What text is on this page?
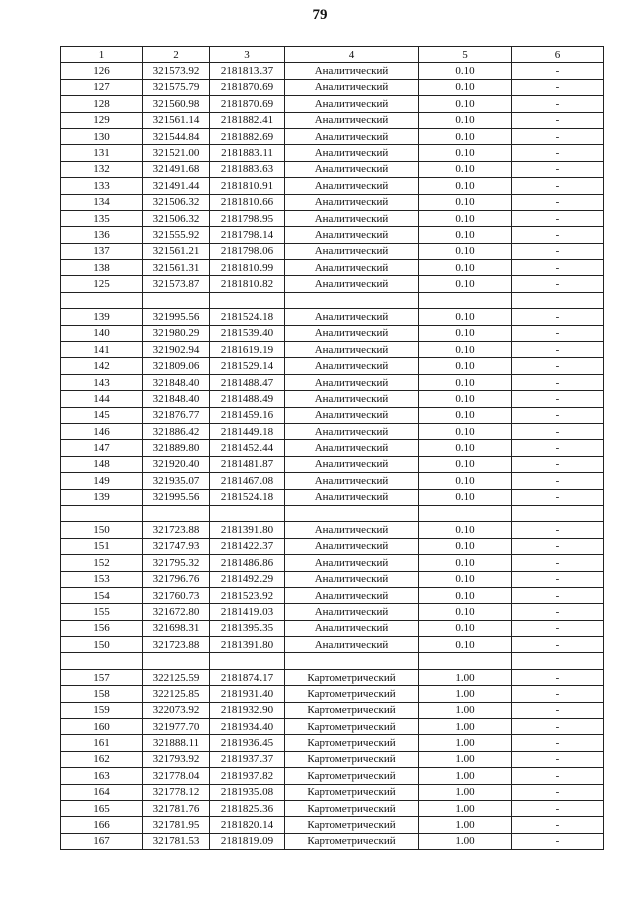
79
1	2	3	4	5	6
126	321573.92	2181813.37	Аналитический	0.10	-
127	321575.79	2181870.69	Аналитический	0.10	-
128	321560.98	2181870.69	Аналитический	0.10	-
129	321561.14	2181882.41	Аналитический	0.10	-
130	321544.84	2181882.69	Аналитический	0.10	-
131	321521.00	2181883.11	Аналитический	0.10	-
132	321491.68	2181883.63	Аналитический	0.10	-
133	321491.44	2181810.91	Аналитический	0.10	-
134	321506.32	2181810.66	Аналитический	0.10	-
135	321506.32	2181798.95	Аналитический	0.10	-
136	321555.92	2181798.14	Аналитический	0.10	-
137	321561.21	2181798.06	Аналитический	0.10	-
138	321561.31	2181810.99	Аналитический	0.10	-
125	321573.87	2181810.82	Аналитический	0.10	-

139	321995.56	2181524.18	Аналитический	0.10	-
140	321980.29	2181539.40	Аналитический	0.10	-
141	321902.94	2181619.19	Аналитический	0.10	-
142	321809.06	2181529.14	Аналитический	0.10	-
143	321848.40	2181488.47	Аналитический	0.10	-
144	321848.40	2181488.49	Аналитический	0.10	-
145	321876.77	2181459.16	Аналитический	0.10	-
146	321886.42	2181449.18	Аналитический	0.10	-
147	321889.80	2181452.44	Аналитический	0.10	-
148	321920.40	2181481.87	Аналитический	0.10	-
149	321935.07	2181467.08	Аналитический	0.10	-
139	321995.56	2181524.18	Аналитический	0.10	-

150	321723.88	2181391.80	Аналитический	0.10	-
151	321747.93	2181422.37	Аналитический	0.10	-
152	321795.32	2181486.86	Аналитический	0.10	-
153	321796.76	2181492.29	Аналитический	0.10	-
154	321760.73	2181523.92	Аналитический	0.10	-
155	321672.80	2181419.03	Аналитический	0.10	-
156	321698.31	2181395.35	Аналитический	0.10	-
150	321723.88	2181391.80	Аналитический	0.10	-

157	322125.59	2181874.17	Картометрический	1.00	-
158	322125.85	2181931.40	Картометрический	1.00	-
159	322073.92	2181932.90	Картометрический	1.00	-
160	321977.70	2181934.40	Картометрический	1.00	-
161	321888.11	2181936.45	Картометрический	1.00	-
162	321793.92	2181937.37	Картометрический	1.00	-
163	321778.04	2181937.82	Картометрический	1.00	-
164	321778.12	2181935.08	Картометрический	1.00	-
165	321781.76	2181825.36	Картометрический	1.00	-
166	321781.95	2181820.14	Картометрический	1.00	-
167	321781.53	2181819.09	Картометрический	1.00	-
